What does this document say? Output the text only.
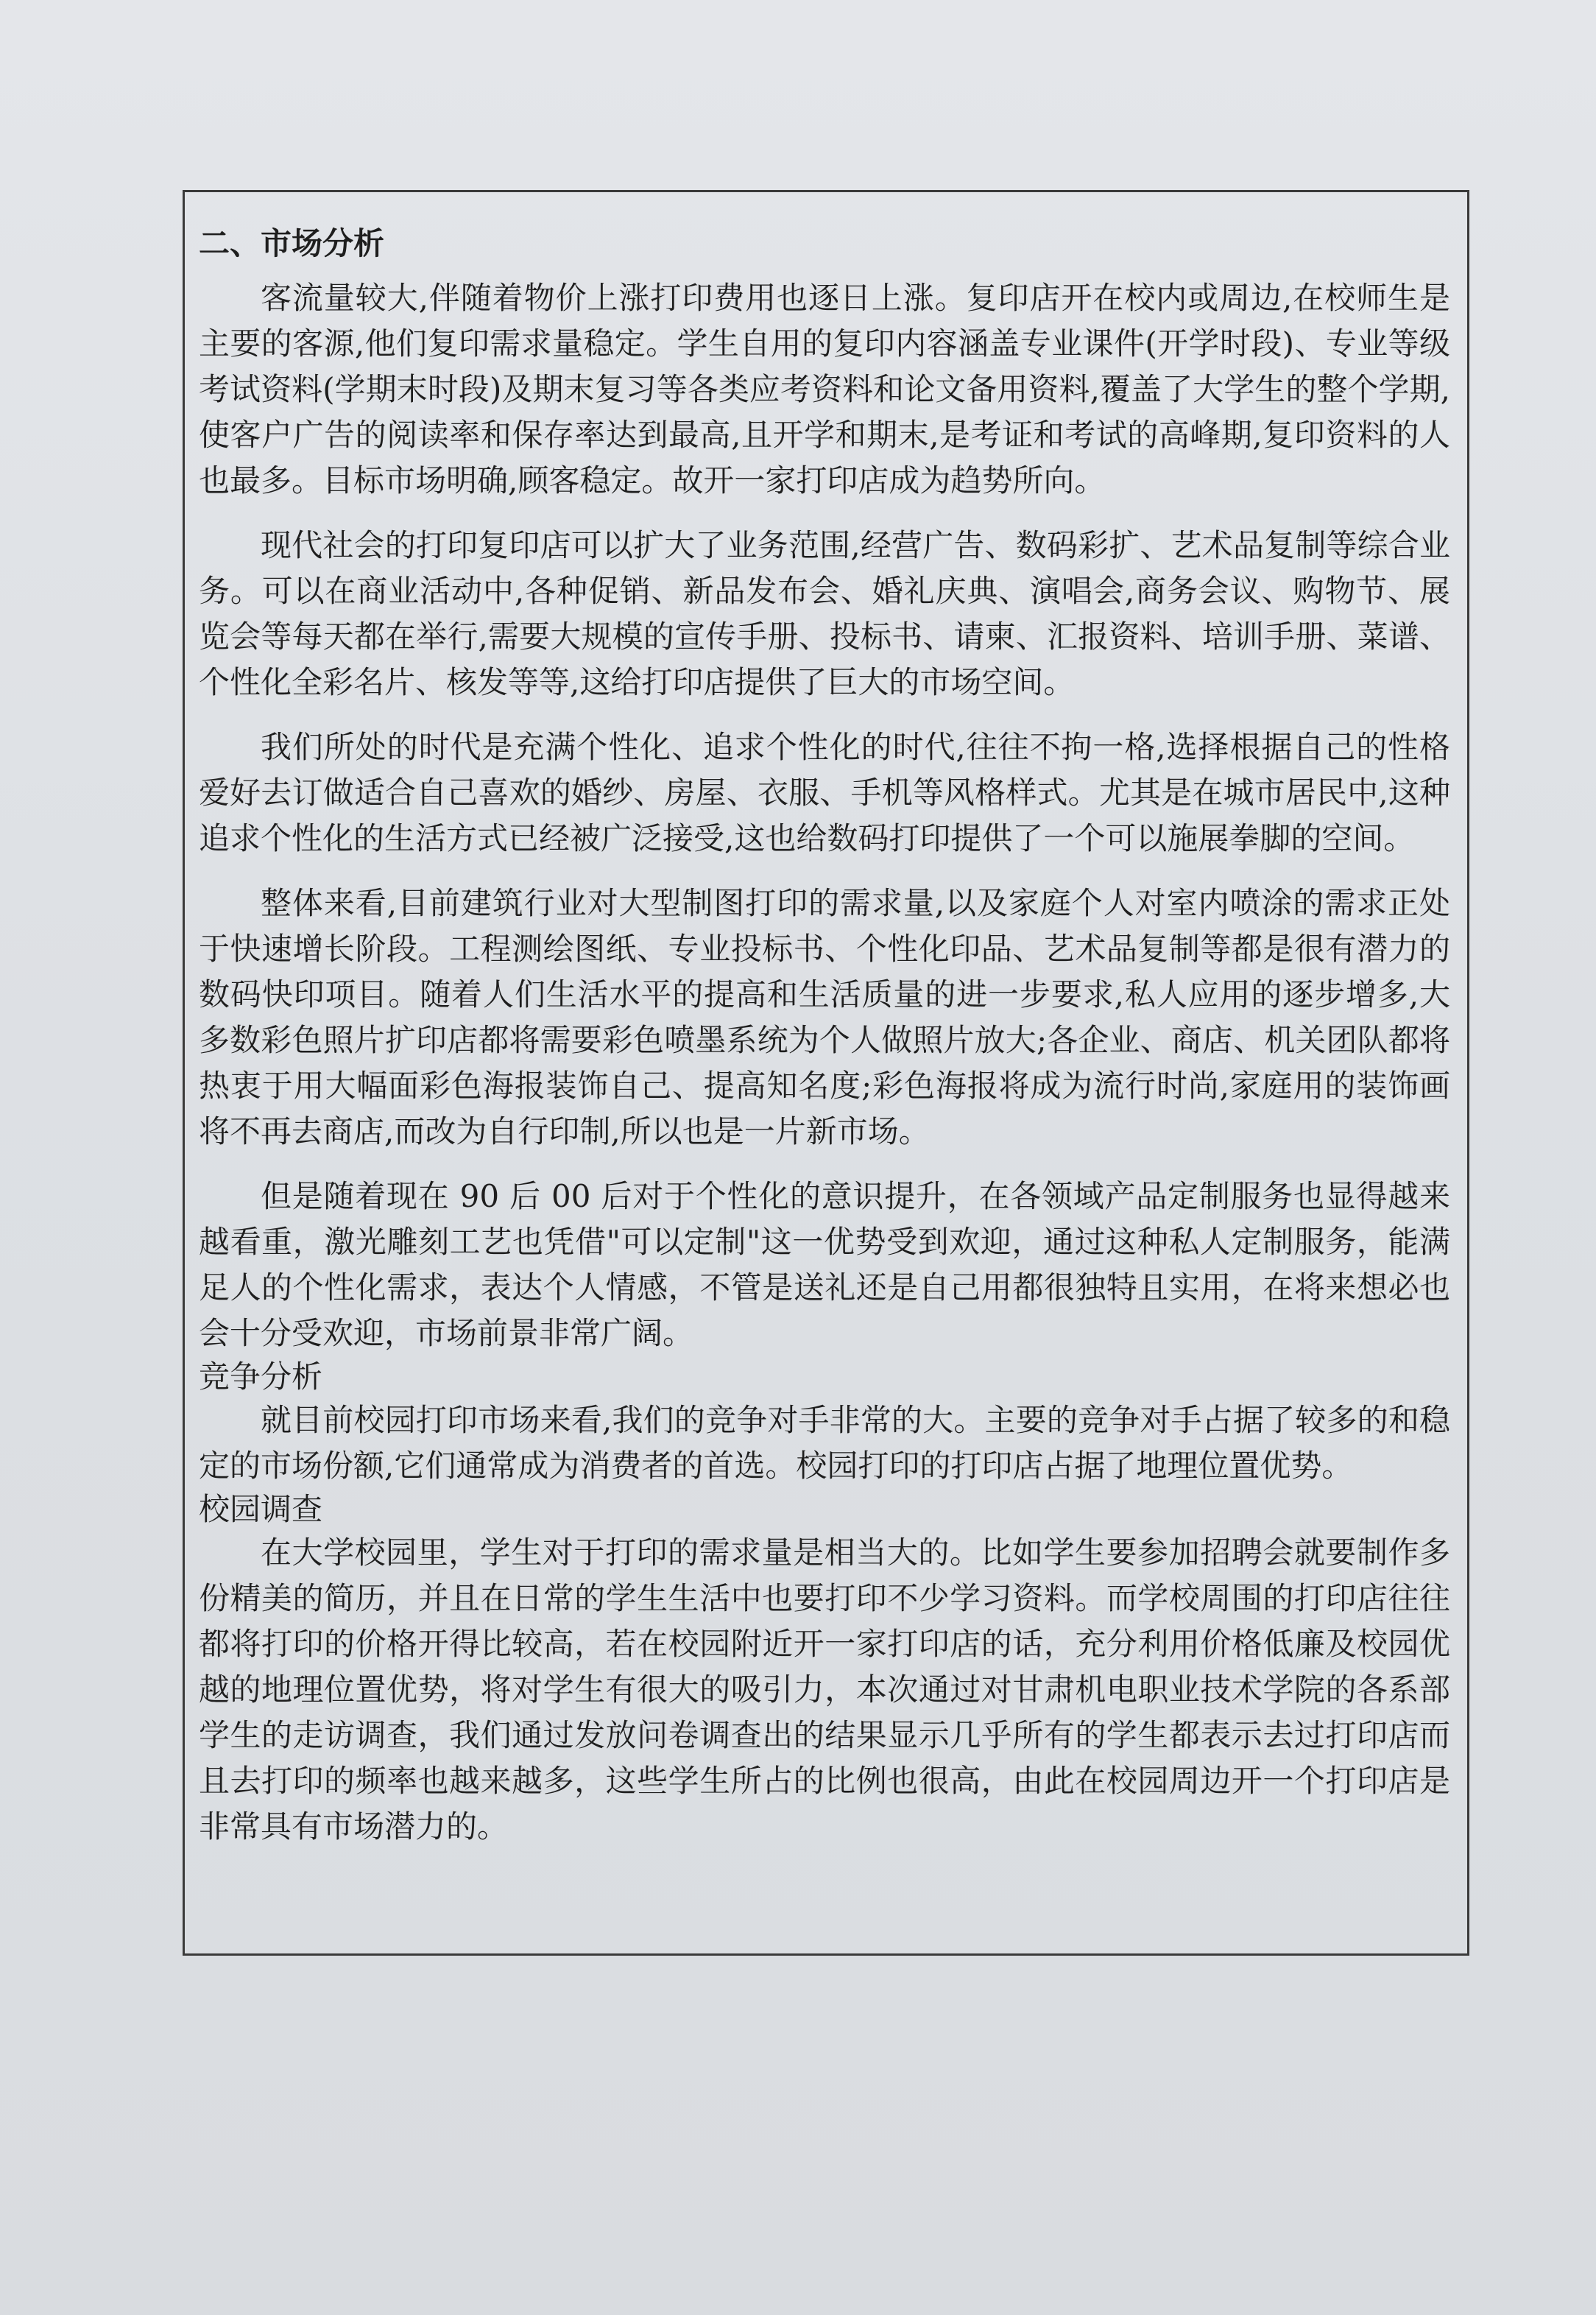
二、市场分析

客流量较大,伴随着物价上涨打印费用也逐日上涨。复印店开在校内或周边,在校师生是主要的客源,他们复印需求量稳定。学生自用的复印内容涵盖专业课件(开学时段)、专业等级考试资料(学期末时段)及期末复习等各类应考资料和论文备用资料,覆盖了大学生的整个学期,使客户广告的阅读率和保存率达到最高,且开学和期末,是考证和考试的高峰期,复印资料的人也最多。目标市场明确,顾客稳定。故开一家打印店成为趋势所向。

现代社会的打印复印店可以扩大了业务范围,经营广告、数码彩扩、艺术品复制等综合业务。可以在商业活动中,各种促销、新品发布会、婚礼庆典、演唱会,商务会议、购物节、展览会等每天都在举行,需要大规模的宣传手册、投标书、请柬、汇报资料、培训手册、菜谱、个性化全彩名片、核发等等,这给打印店提供了巨大的市场空间。

我们所处的时代是充满个性化、追求个性化的时代,往往不拘一格,选择根据自己的性格爱好去订做适合自己喜欢的婚纱、房屋、衣服、手机等风格样式。尤其是在城市居民中,这种追求个性化的生活方式已经被广泛接受,这也给数码打印提供了一个可以施展拳脚的空间。

整体来看,目前建筑行业对大型制图打印的需求量,以及家庭个人对室内喷涂的需求正处于快速增长阶段。工程测绘图纸、专业投标书、个性化印品、艺术品复制等都是很有潜力的数码快印项目。随着人们生活水平的提高和生活质量的进一步要求,私人应用的逐步增多,大多数彩色照片扩印店都将需要彩色喷墨系统为个人做照片放大;各企业、商店、机关团队都将热衷于用大幅面彩色海报装饰自己、提高知名度;彩色海报将成为流行时尚,家庭用的装饰画将不再去商店,而改为自行印制,所以也是一片新市场。

但是随着现在 90 后 00 后对于个性化的意识提升，在各领域产品定制服务也显得越来越看重，激光雕刻工艺也凭借"可以定制"这一优势受到欢迎，通过这种私人定制服务，能满足人的个性化需求，表达个人情感，不管是送礼还是自己用都很独特且实用，在将来想必也会十分受欢迎，市场前景非常广阔。

竞争分析

就目前校园打印市场来看,我们的竞争对手非常的大。主要的竞争对手占据了较多的和稳定的市场份额,它们通常成为消费者的首选。校园打印的打印店占据了地理位置优势。

校园调查

在大学校园里，学生对于打印的需求量是相当大的。比如学生要参加招聘会就要制作多份精美的简历，并且在日常的学生生活中也要打印不少学习资料。而学校周围的打印店往往都将打印的价格开得比较高，若在校园附近开一家打印店的话，充分利用价格低廉及校园优越的地理位置优势，将对学生有很大的吸引力，本次通过对甘肃机电职业技术学院的各系部学生的走访调查，我们通过发放问卷调查出的结果显示几乎所有的学生都表示去过打印店而且去打印的频率也越来越多，这些学生所占的比例也很高，由此在校园周边开一个打印店是非常具有市场潜力的。
